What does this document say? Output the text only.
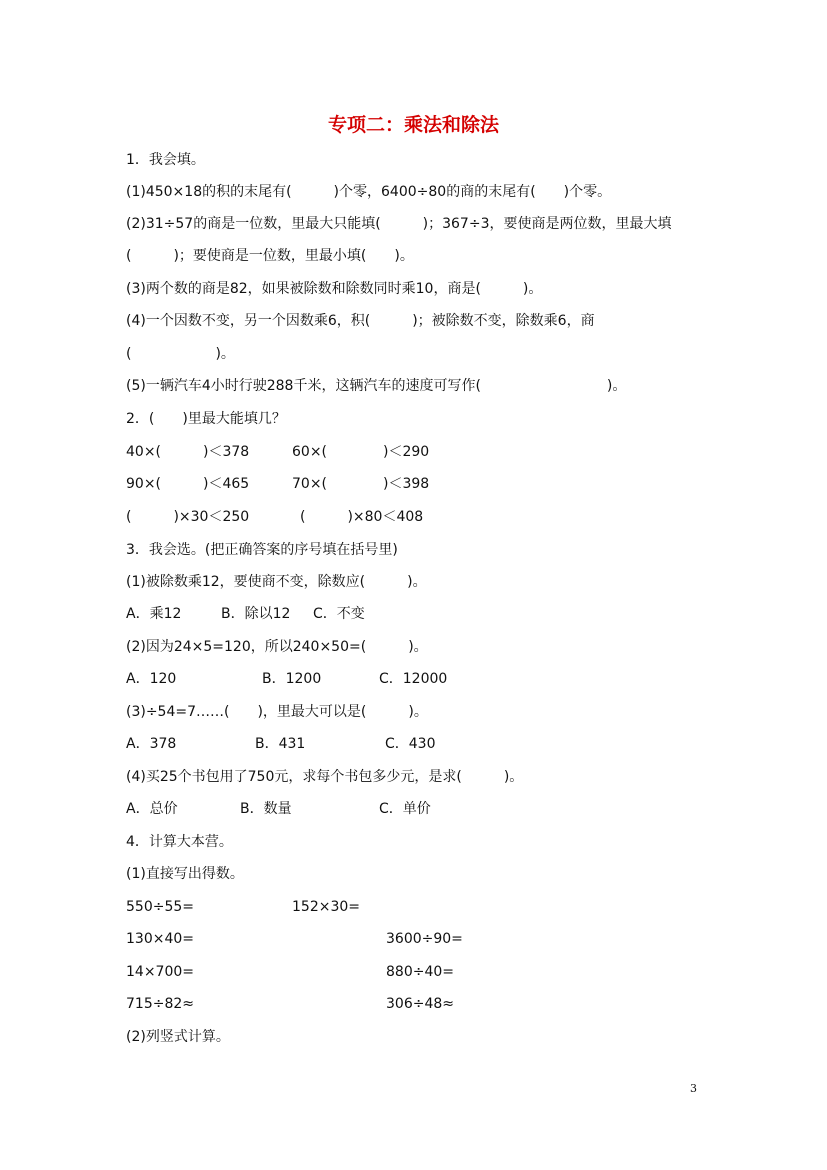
专项二：乘法和除法
1．我会填。
(1)450×18的积的末尾有(　　　)个零，6400÷80的商的末尾有(　　)个零。
(2)31÷57的商是一位数，里最大只能填(　　　)；367÷3，要使商是两位数，里最大填
(　　　)；要使商是一位数，里最小填(　　)。
(3)两个数的商是82，如果被除数和除数同时乘10，商是(　　　)。
(4)一个因数不变，另一个因数乘6，积(　　　)；被除数不变，除数乘6，商
(　　　　　　)。
(5)一辆汽车4小时行驶288千米，这辆汽车的速度可写作(　　　　　　　　　)。
2．(　　)里最大能填几？
40×(　　　)＜378	60×(　　　　)＜290
90×(　　　)＜465	70×(　　　　)＜398
(　　　)×30＜250	(　　　)×80＜408
3．我会选。(把正确答案的序号填在括号里)
(1)被除数乘12，要使商不变，除数应(　　　)。
A．乘12	B．除以12 C．不变
(2)因为24×5=120，所以240×50=(　　　)。
A．120	B．1200	C．12000
(3)÷54=7……(　　)，里最大可以是(　　　)。
A．378	B．431	C．430
(4)买25个书包用了750元，求每个书包多少元，是求(　　　)。
A．总价	B．数量	C．单价
4．计算大本营。
(1)直接写出得数。
550÷55=	152×30=
130×40=	3600÷90=
14×700=	880÷40=
715÷82≈	306÷48≈
(2)列竖式计算。
3
